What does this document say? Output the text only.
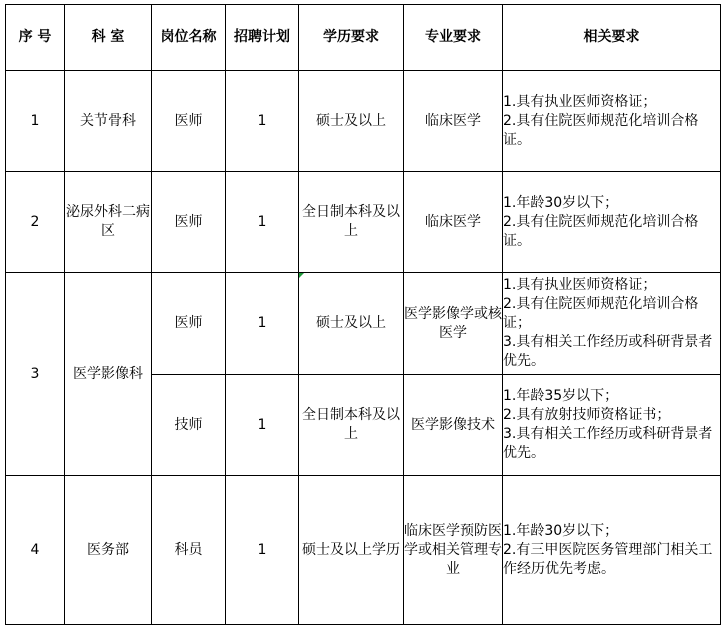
序 号	科 室	岗位名称	招聘计划	学历要求	专业要求	相关要求
1	关节骨科	医师	1	硕士及以上	临床医学	1.具有执业医师资格证；
2.具有住院医师规范化培训合格证。

2	泌尿外科二病区	医师	1	全日制本科及以上	临床医学	1.年龄30岁以下；
2.具有住院医师规范化培训合格证。

3	医学影像科	医师	1	硕士及以上	医学影像学或核医学	1.具有执业医师资格证；
2.具有住院医师规范化培训合格证；
3.具有相关工作经历或科研背景者优先。

		技师	1	全日制本科及以上	医学影像技术	1.年龄35岁以下；
2.具有放射技师资格证书；
3.具有相关工作经历或科研背景者优先。

4	医务部	科员	1	硕士及以上学历	临床医学预防医学或相关管理专业	1.年龄30岁以下；
2.有三甲医院医务管理部门相关工作经历优先考虑。
